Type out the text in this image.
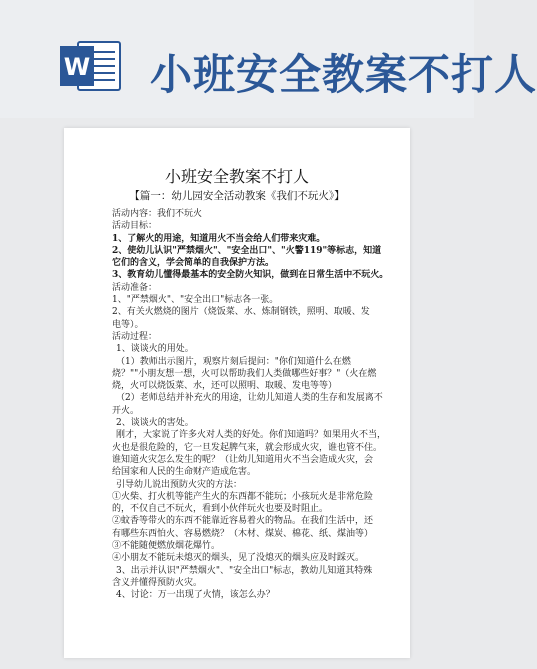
W 小班安全教案不打人
小班安全教案不打人
【篇一：幼儿园安全活动教案《我们不玩火》】
活动内容：我们不玩火
活动目标：
1、了解火的用途，知道用火不当会给人们带来灾难。
2、使幼儿认识"严禁烟火"、"安全出口"、"火警119"等标志，知道
它们的含义，学会简单的自我保护方法。
3、教育幼儿懂得最基本的安全防火知识，做到在日常生活中不玩火。
活动准备：
1、"严禁烟火"、"安全出口"标志各一张。
2、有关火燃烧的图片（烧饭菜、水、炼制钢铁，照明、取暖、发
电等）。
活动过程：
1、谈谈火的用处。
（1）教师出示图片，观察片刻后提问："你们知道什么在燃
烧？""小朋友想一想，火可以帮助我们人类做哪些好事？"（火在燃
烧，火可以烧饭菜、水，还可以照明、取暖、发电等等）
（2）老师总结并补充火的用途，让幼儿知道人类的生存和发展离不
开火。
2、谈谈火的害处。
刚才，大家说了许多火对人类的好处。你们知道吗？如果用火不当，
火也是很危险的，它一旦发起脾气来，就会形成火灾，谁也管不住。
谁知道火灾怎么发生的呢？（让幼儿知道用火不当会造成火灾，会
给国家和人民的生命财产造成危害。
引导幼儿说出预防火灾的方法：
①火柴、打火机等能产生火的东西都不能玩；小孩玩火是非常危险
的，不仅自己不玩火，看到小伙伴玩火也要及时阻止。
②蚊香等带火的东西不能靠近容易着火的物品。在我们生活中，还
有哪些东西怕火、容易燃烧？（木材、煤炭、棉花、纸、煤油等）
③不能随便燃放烟花爆竹。
④小朋友不能玩未熄灭的烟头，见了没熄灭的烟头应及时踩灭。
3、出示并认识"严禁烟火"、"安全出口"标志，教幼儿知道其特殊
含义并懂得预防火灾。
4、讨论：万一出现了火情，该怎么办？
